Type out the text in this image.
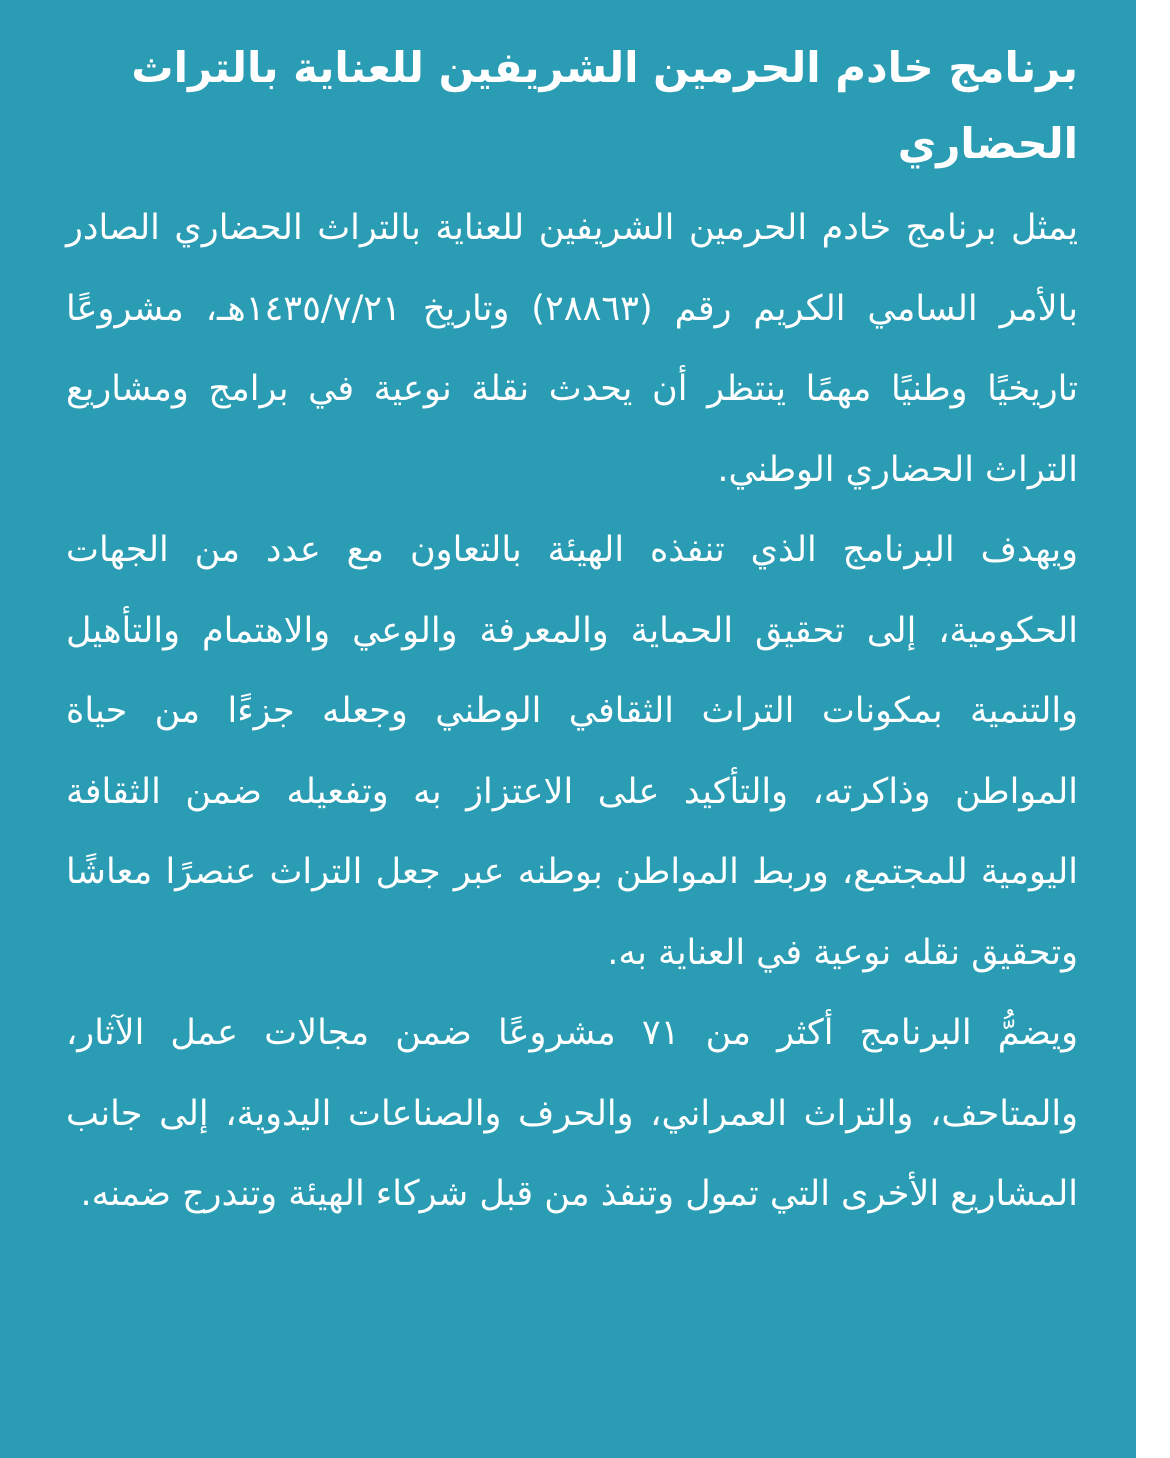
برنامج خادم الحرمين الشريفين للعناية بالتراث الحضاري

يمثل برنامج خادم الحرمين الشريفين للعناية بالتراث الحضاري الصادر بالأمر السامي الكريم رقم (٢٨٨٦٣) وتاريخ ١٤٣٥/٧/٢١هـ، مشروعًا تاريخيًا وطنيًا مهمًا ينتظر أن يحدث نقلة نوعية في برامج ومشاريع التراث الحضاري الوطني.

ويهدف البرنامج الذي تنفذه الهيئة بالتعاون مع عدد من الجهات الحكومية، إلى تحقيق الحماية والمعرفة والوعي والاهتمام والتأهيل والتنمية بمكونات التراث الثقافي الوطني وجعله جزءًا من حياة المواطن وذاكرته، والتأكيد على الاعتزاز به وتفعيله ضمن الثقافة اليومية للمجتمع، وربط المواطن بوطنه عبر جعل التراث عنصرًا معاشًا وتحقيق نقله نوعية في العناية به.

ويضمُّ البرنامج أكثر من ٧١ مشروعًا ضمن مجالات عمل الآثار، والمتاحف، والتراث العمراني، والحرف والصناعات اليدوية، إلى جانب المشاريع الأخرى التي تمول وتنفذ من قبل شركاء الهيئة وتندرج ضمنه.
